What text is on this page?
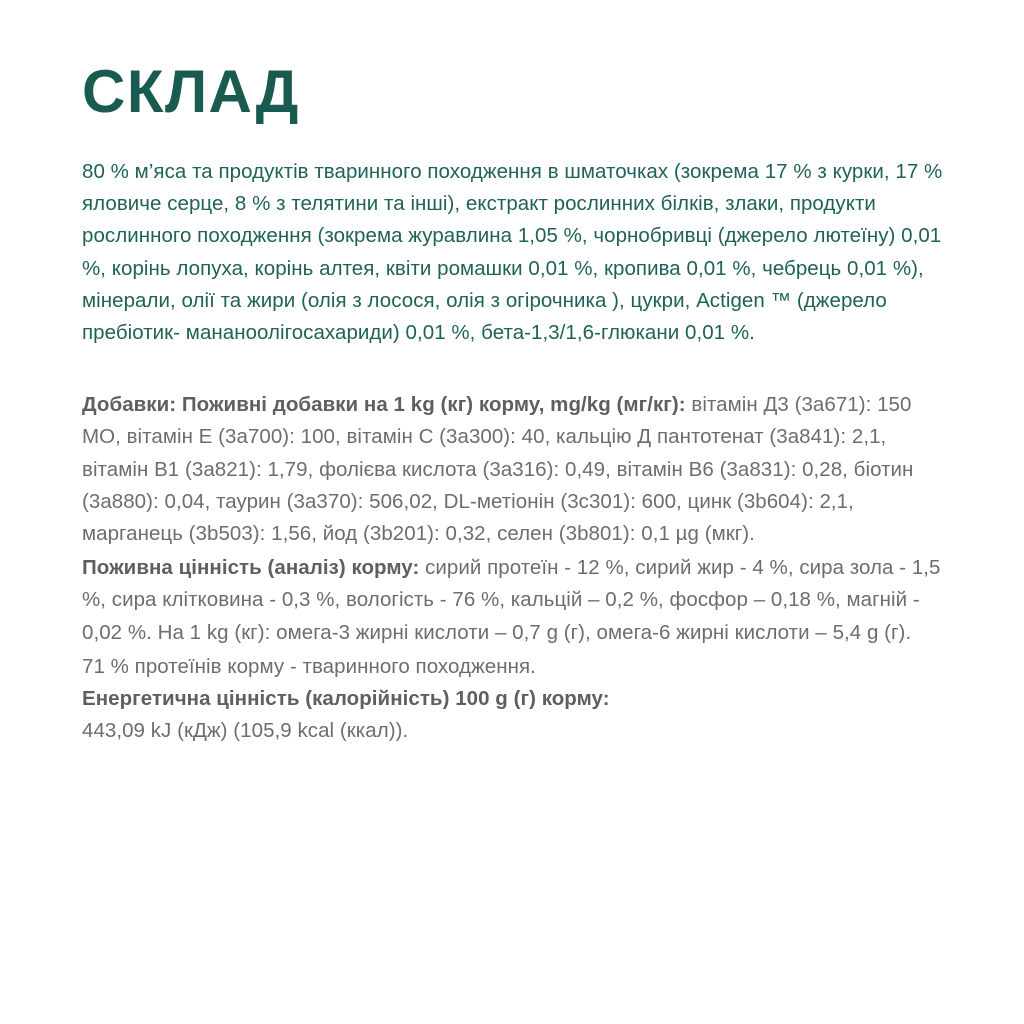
СКЛАД

80 % м’яса та продуктів тваринного походження в шматочках (зокрема 17 % з курки, 17 % яловиче серце, 8 % з телятини та інші), екстракт рослинних білків, злаки, продукти рослинного походження (зокрема журавлина 1,05 %, чорнобривці (джерело лютеїну) 0,01 %, корінь лопуха, корінь алтея, квіти ромашки 0,01 %, кропива 0,01 %, чебрець 0,01 %), мінерали, олії та жири (олія з лосося, олія з огірочника ), цукри, Actigen ™ (джерело пребіотик- мананоолігосахариди) 0,01 %, бета-1,3/1,6-глюкани 0,01 %.

Добавки: Поживні добавки на 1 kg (кг) корму, mg/kg (мг/кг): вітамін Д3 (3а671): 150 МО, вітамін Е (3а700): 100, вітамін С (3а300): 40, кальцію Д пантотенат (3а841): 2,1, вітамін В1 (3а821): 1,79, фолієва кислота (3а316): 0,49, вітамін В6 (3а831): 0,28, біотин (3а880): 0,04, таурин (3а370): 506,02, DL-метіонін (3с301): 600, цинк (3b604): 2,1, марганець (3b503): 1,56, йод (3b201): 0,32, селен (3b801): 0,1 µg (мкг).

Поживна цінність (аналіз) корму: сирий протеїн - 12 %, сирий жир - 4 %, сира зола - 1,5 %, сира клітковина - 0,3 %, вологість - 76 %, кальцій – 0,2 %, фосфор – 0,18 %, магній - 0,02 %. На 1 kg (кг): омега-3 жирні кислоти – 0,7 g (г), омега-6 жирні кислоти – 5,4 g (г).

71 % протеїнів корму - тваринного походження.

Енергетична цінність (калорійність) 100 g (г) корму:

443,09 kJ (кДж) (105,9 kcal (ккал)).
